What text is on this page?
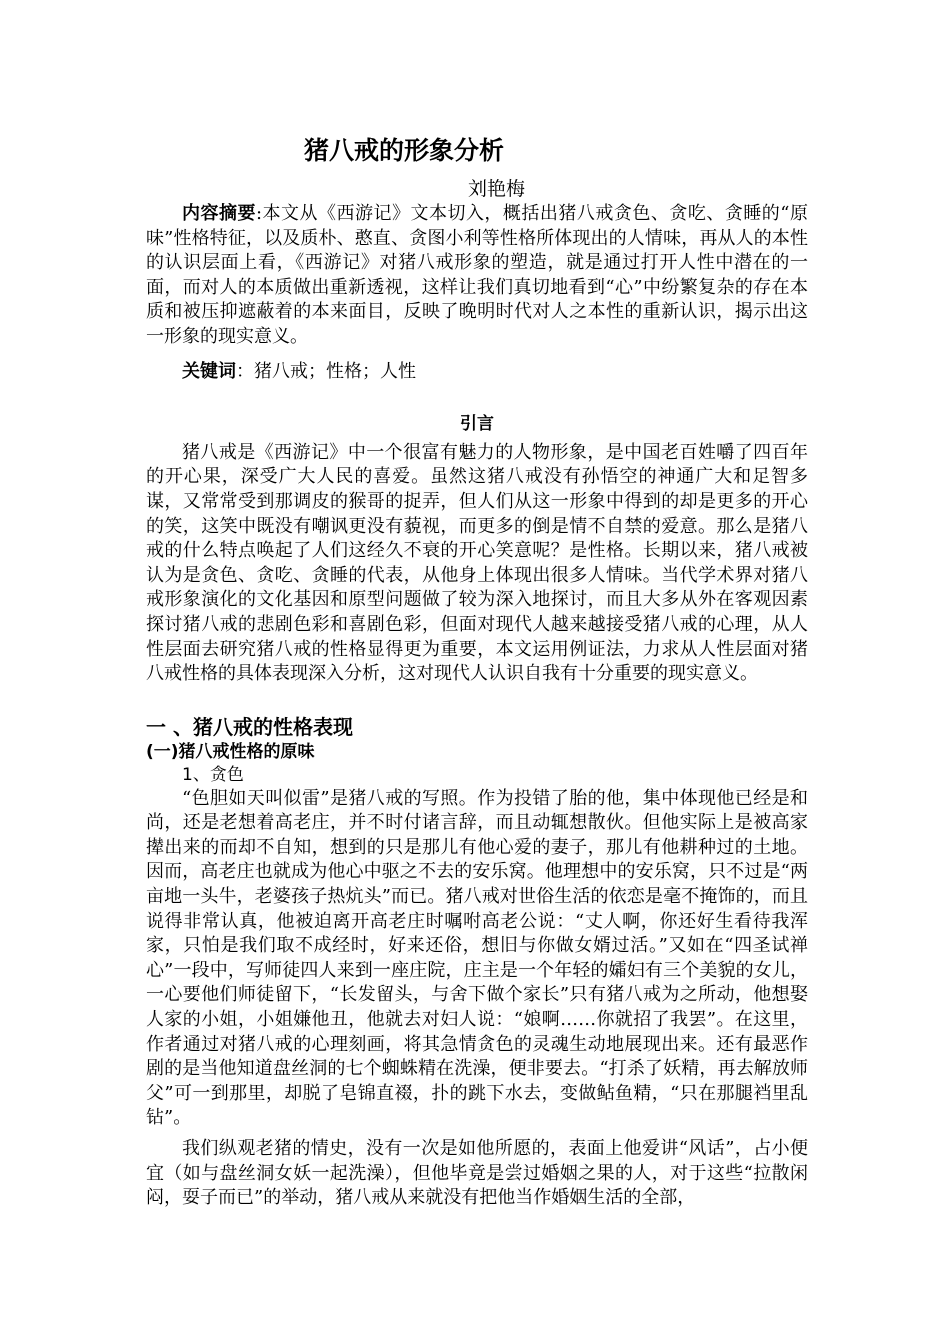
猪八戒的形象分析
刘艳梅

内容摘要:本文从《西游记》文本切入，概括出猪八戒贪色、贪吃、贪睡的“原味”性格特征，以及质朴、憨直、贪图小利等性格所体现出的人情味，再从人的本性的认识层面上看，《西游记》对猪八戒形象的塑造，就是通过打开人性中潜在的一面，而对人的本质做出重新透视，这样让我们真切地看到“心”中纷繁复杂的存在本质和被压抑遮蔽着的本来面目，反映了晚明时代对人之本性的重新认识，揭示出这一形象的现实意义。

关键词：猪八戒；性格；人性

引言

猪八戒是《西游记》中一个很富有魅力的人物形象，是中国老百姓嚼了四百年的开心果，深受广大人民的喜爱。虽然这猪八戒没有孙悟空的神通广大和足智多谋，又常常受到那调皮的猴哥的捉弄，但人们从这一形象中得到的却是更多的开心的笑，这笑中既没有嘲讽更没有藐视，而更多的倒是情不自禁的爱意。那么是猪八戒的什么特点唤起了人们这经久不衰的开心笑意呢？是性格。长期以来，猪八戒被认为是贪色、贪吃、贪睡的代表，从他身上体现出很多人情味。当代学术界对猪八戒形象演化的文化基因和原型问题做了较为深入地探讨，而且大多从外在客观因素探讨猪八戒的悲剧色彩和喜剧色彩，但面对现代人越来越接受猪八戒的心理，从人性层面去研究猪八戒的性格显得更为重要，本文运用例证法，力求从人性层面对猪八戒性格的具体表现深入分析，这对现代人认识自我有十分重要的现实意义。

一 、猪八戒的性格表现
(一)猪八戒性格的原味
1、贪色

“色胆如天叫似雷”是猪八戒的写照。作为投错了胎的他，集中体现他已经是和尚，还是老想着高老庄，并不时付诸言辞，而且动辄想散伙。但他实际上是被高家撵出来的而却不自知，想到的只是那儿有他心爱的妻子，那儿有他耕种过的土地。因而，高老庄也就成为他心中驱之不去的安乐窝。他理想中的安乐窝，只不过是“两亩地一头牛，老婆孩子热炕头”而已。猪八戒对世俗生活的依恋是毫不掩饰的，而且说得非常认真，他被迫离开高老庄时嘱咐高老公说：“丈人啊，你还好生看待我浑家，只怕是我们取不成经时，好来还俗，想旧与你做女婿过活。”又如在“四圣试禅心”一段中，写师徒四人来到一座庄院，庄主是一个年轻的孀妇有三个美貌的女儿，一心要他们师徒留下，“长发留头，与舍下做个家长”只有猪八戒为之所动，他想娶人家的小姐，小姐嫌他丑，他就去对妇人说：“娘啊……你就招了我罢”。在这里，作者通过对猪八戒的心理刻画，将其急情贪色的灵魂生动地展现出来。还有最恶作剧的是当他知道盘丝洞的七个蜘蛛精在洗澡，便非要去。“打杀了妖精，再去解放师父”可一到那里，却脱了皂锦直裰，扑的跳下水去，变做鲇鱼精，“只在那腿裆里乱钻”。

我们纵观老猪的情史，没有一次是如他所愿的，表面上他爱讲“风话”，占小便宜（如与盘丝洞女妖一起洗澡），但他毕竟是尝过婚姻之果的人，对于这些“拉散闲闷，耍子而已”的举动，猪八戒从来就没有把他当作婚姻生活的全部，
